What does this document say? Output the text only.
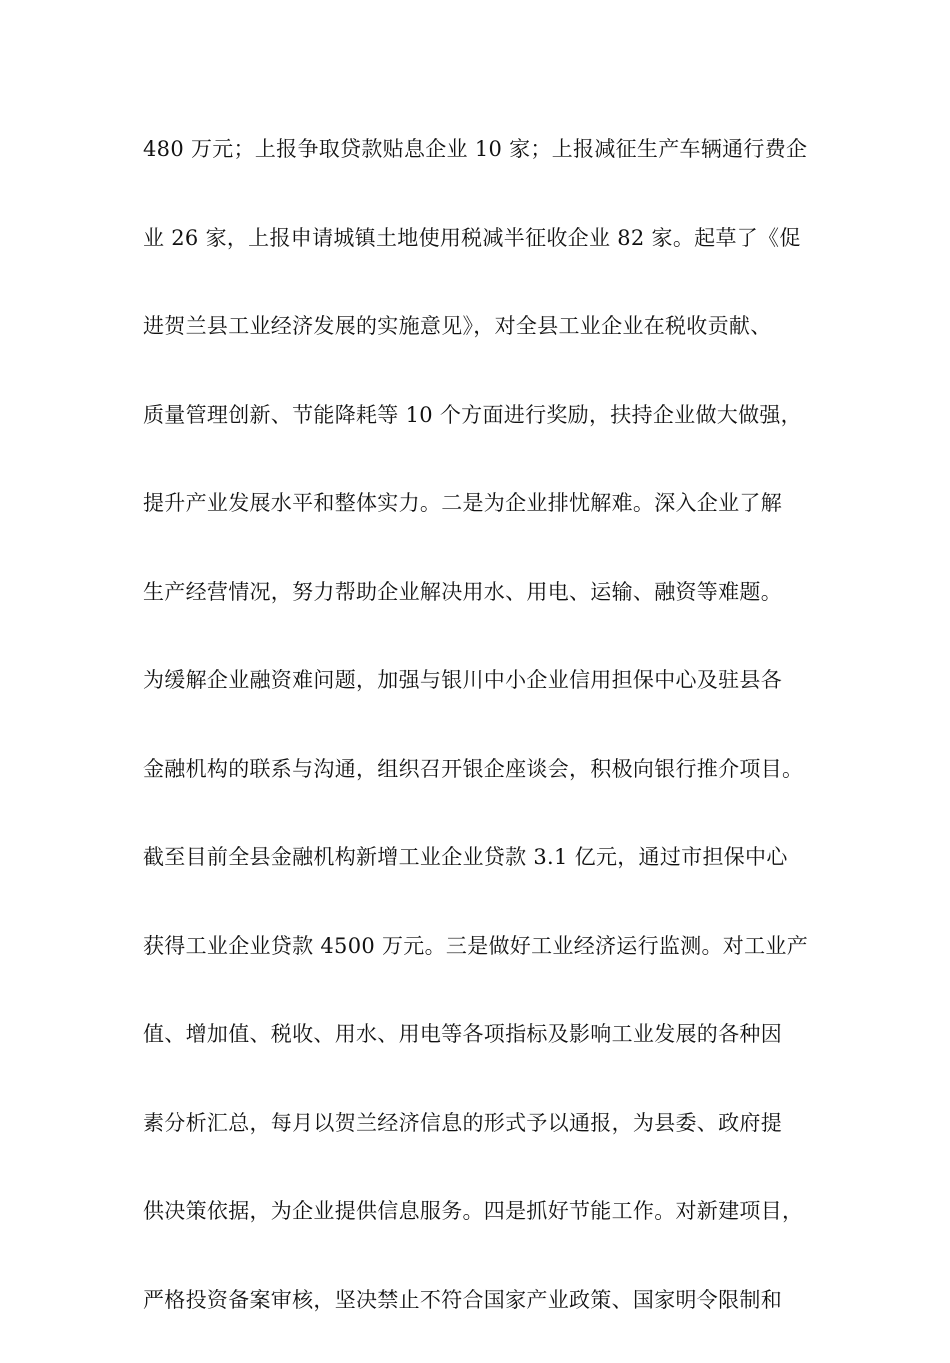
480 万元；上报争取贷款贴息企业 10 家；上报减征生产车辆通行费企
业 26 家，上报申请城镇土地使用税减半征收企业 82 家。起草了《促
进贺兰县工业经济发展的实施意见》，对全县工业企业在税收贡献、
质量管理创新、节能降耗等 10 个方面进行奖励，扶持企业做大做强，
提升产业发展水平和整体实力。二是为企业排忧解难。深入企业了解
生产经营情况，努力帮助企业解决用水、用电、运输、融资等难题。
为缓解企业融资难问题，加强与银川中小企业信用担保中心及驻县各
金融机构的联系与沟通，组织召开银企座谈会，积极向银行推介项目。
截至目前全县金融机构新增工业企业贷款 3.1 亿元，通过市担保中心
获得工业企业贷款 4500 万元。三是做好工业经济运行监测。对工业产
值、增加值、税收、用水、用电等各项指标及影响工业发展的各种因
素分析汇总，每月以贺兰经济信息的形式予以通报，为县委、政府提
供决策依据，为企业提供信息服务。四是抓好节能工作。对新建项目，
严格投资备案审核，坚决禁止不符合国家产业政策、国家明令限制和
